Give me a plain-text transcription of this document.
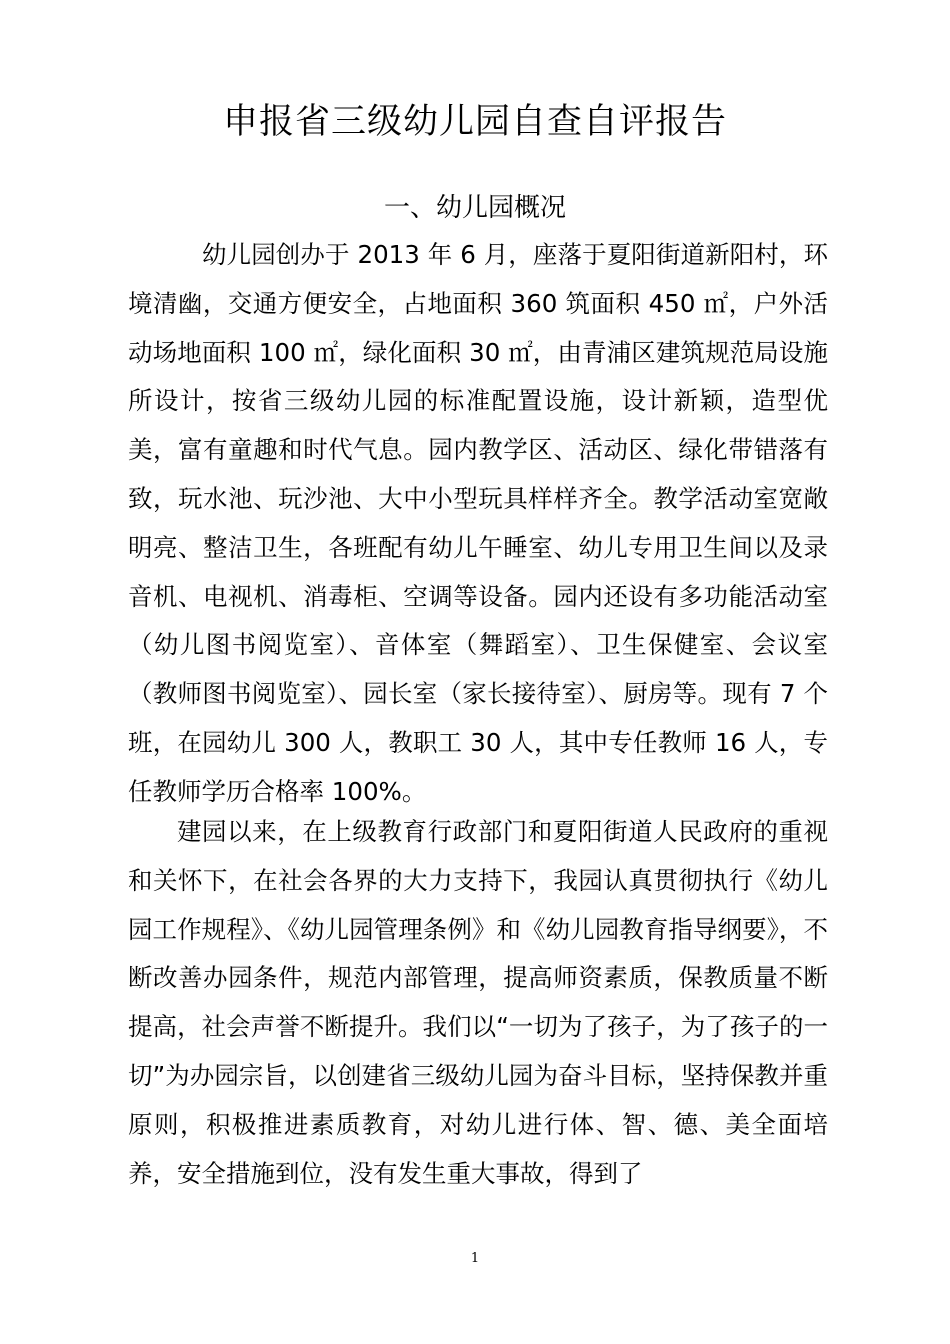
申报省三级幼儿园自查自评报告
一、幼儿园概况

幼儿园创办于 2013 年 6 月，座落于夏阳街道新阳村，环境清幽，交通方便安全，占地面积 360 筑面积 450 ㎡，户外活动场地面积 100 ㎡，绿化面积 30 ㎡，由青浦区建筑规范局设施所设计，按省三级幼儿园的标准配置设施，设计新颖，造型优美，富有童趣和时代气息。园内教学区、活动区、绿化带错落有致，玩水池、玩沙池、大中小型玩具样样齐全。教学活动室宽敞明亮、整洁卫生，各班配有幼儿午睡室、幼儿专用卫生间以及录音机、电视机、消毒柜、空调等设备。园内还设有多功能活动室（幼儿图书阅览室）、音体室（舞蹈室）、卫生保健室、会议室（教师图书阅览室）、园长室（家长接待室）、厨房等。现有 7 个班，在园幼儿 300 人，教职工 30 人，其中专任教师 16 人，专任教师学历合格率 100%。

建园以来，在上级教育行政部门和夏阳街道人民政府的重视和关怀下，在社会各界的大力支持下，我园认真贯彻执行《幼儿园工作规程》、《幼儿园管理条例》和《幼儿园教育指导纲要》，不断改善办园条件，规范内部管理，提高师资素质，保教质量不断提高，社会声誉不断提升。我们以“一切为了孩子，为了孩子的一切”为办园宗旨，以创建省三级幼儿园为奋斗目标，坚持保教并重原则，积极推进素质教育，对幼儿进行体、智、德、美全面培养，安全措施到位，没有发生重大事故，得到了

1
